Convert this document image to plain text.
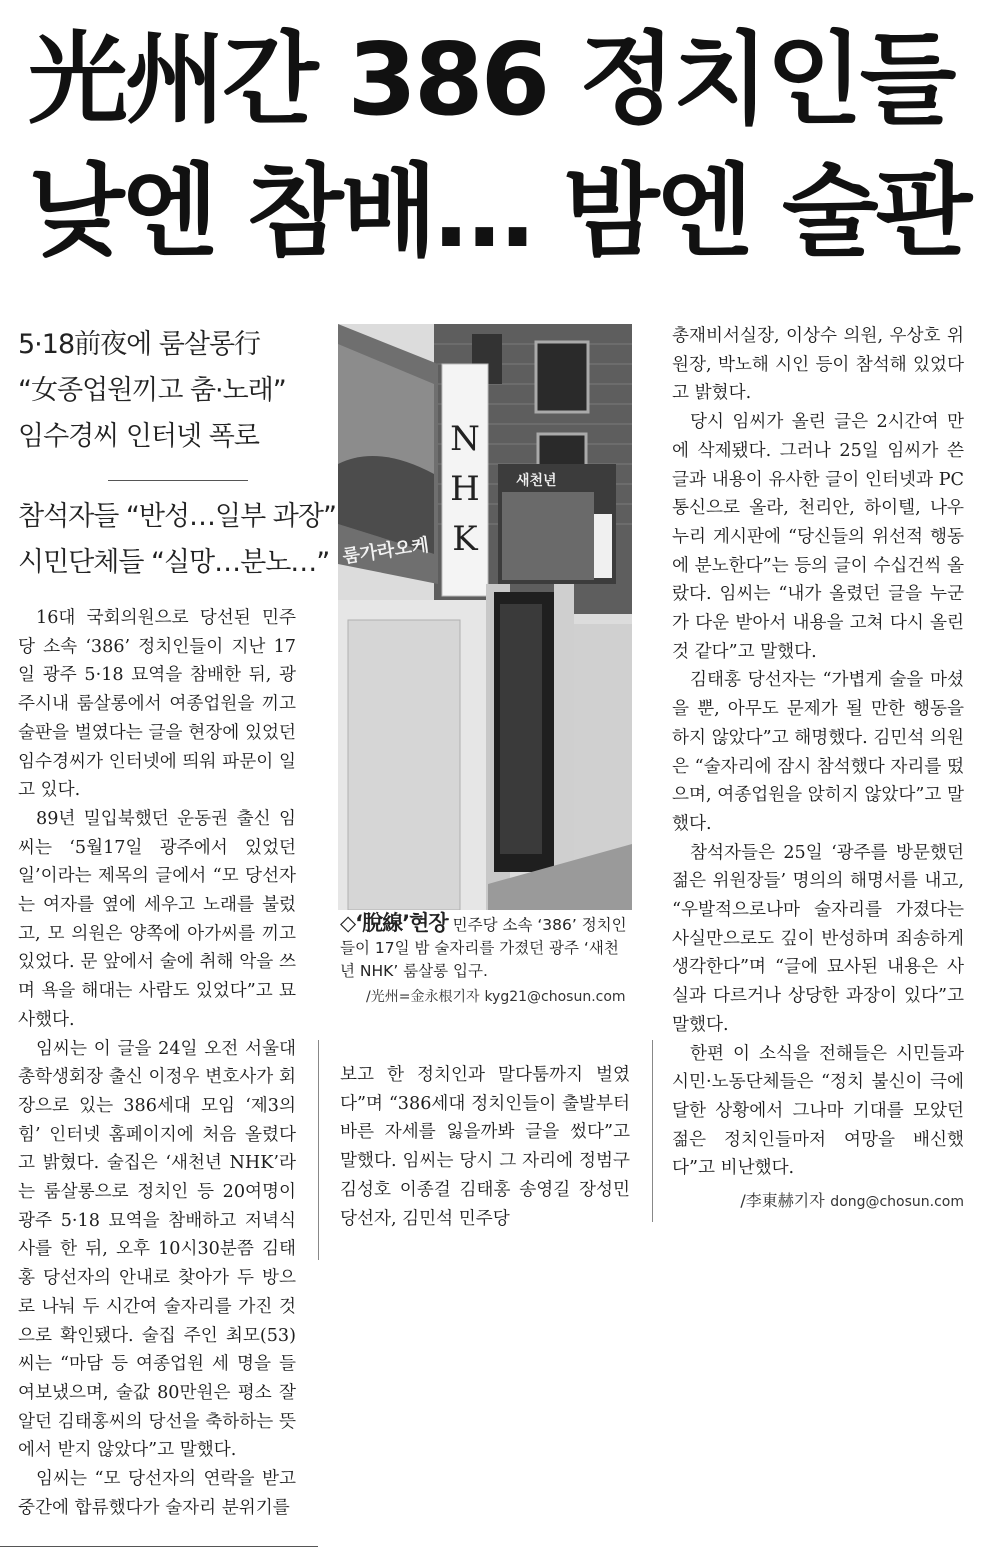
光州간 386 정치인들
낮엔 참배… 밤엔 술판
5·18前夜에 룸살롱行
“女종업원끼고 춤·노래”
임수경씨 인터넷 폭로
참석자들 “반성…일부 과장”
시민단체들 “실망…분노…”

16대 국회의원으로 당선된 민주당 소속 ‘386’ 정치인들이 지난 17일 광주 5·18 묘역을 참배한 뒤, 광주시내 룸살롱에서 여종업원을 끼고 술판을 벌였다는 글을 현장에 있었던 임수경씨가 인터넷에 띄워 파문이 일고 있다.

89년 밀입북했던 운동권 출신 임씨는 ‘5월17일 광주에서 있었던 일’이라는 제목의 글에서 “모 당선자는 여자를 옆에 세우고 노래를 불렀고, 모 의원은 양쪽에 아가씨를 끼고 있었다. 문 앞에서 술에 취해 악을 쓰며 욕을 해대는 사람도 있었다”고 묘사했다.

임씨는 이 글을 24일 오전 서울대 총학생회장 출신 이정우 변호사가 회장으로 있는 386세대 모임 ‘제3의 힘’ 인터넷 홈페이지에 처음 올렸다고 밝혔다. 술집은 ‘새천년 NHK’라는 룸살롱으로 정치인 등 20여명이 광주 5·18 묘역을 참배하고 저녁식사를 한 뒤, 오후 10시30분쯤 김태홍 당선자의 안내로 찾아가 두 방으로 나눠 두 시간여 술자리를 가진 것으로 확인됐다. 술집 주인 최모(53)씨는 “마담 등 여종업원 세 명을 들여보냈으며, 술값 80만원은 평소 잘 알던 김태홍씨의 당선을 축하하는 뜻에서 받지 않았다”고 말했다.

임씨는 “모 당선자의 연락을 받고 중간에 합류했다가 술자리 분위기를

룸가라오케
NHK
새천년
◇‘脫線’현장 민주당 소속 ‘386’ 정치인들이 17일 밤 술자리를 가졌던 광주 ‘새천년 NHK’ 룸살롱 입구.
/光州=金永根기자 kyg21@chosun.com

보고 한 정치인과 말다툼까지 벌였다”며 “386세대 정치인들이 출발부터 바른 자세를 잃을까봐 글을 썼다”고 말했다. 임씨는 당시 그 자리에 정범구 김성호 이종걸 김태홍 송영길 장성민 당선자, 김민석 민주당

총재비서실장, 이상수 의원, 우상호 위원장, 박노해 시인 등이 참석해 있었다고 밝혔다.

당시 임씨가 올린 글은 2시간여 만에 삭제됐다. 그러나 25일 임씨가 쓴 글과 내용이 유사한 글이 인터넷과 PC통신으로 올라, 천리안, 하이텔, 나우누리 게시판에 “당신들의 위선적 행동에 분노한다”는 등의 글이 수십건씩 올랐다. 임씨는 “내가 올렸던 글을 누군가 다운 받아서 내용을 고쳐 다시 올린 것 같다”고 말했다.

김태홍 당선자는 “가볍게 술을 마셨을 뿐, 아무도 문제가 될 만한 행동을 하지 않았다”고 해명했다. 김민석 의원은 “술자리에 잠시 참석했다 자리를 떴으며, 여종업원을 앉히지 않았다”고 말했다.

참석자들은 25일 ‘광주를 방문했던 젊은 위원장들’ 명의의 해명서를 내고, “우발적으로나마 술자리를 가졌다는 사실만으로도 깊이 반성하며 죄송하게 생각한다”며 “글에 묘사된 내용은 사실과 다르거나 상당한 과장이 있다”고 말했다.

한편 이 소식을 전해들은 시민들과 시민·노동단체들은 “정치 불신이 극에 달한 상황에서 그나마 기대를 모았던 젊은 정치인들마저 여망을 배신했다”고 비난했다.

/李東赫기자 dong@chosun.com
